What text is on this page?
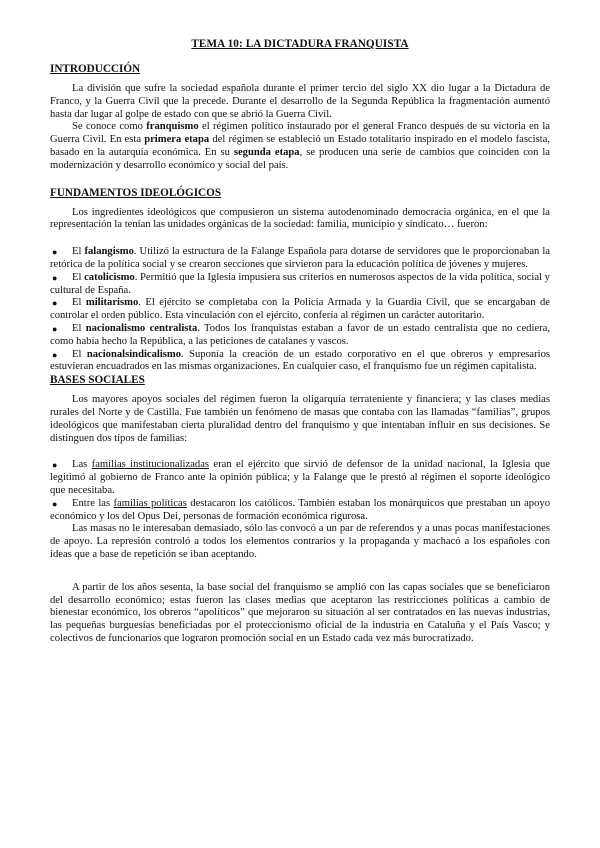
TEMA 10: LA DICTADURA FRANQUISTA
INTRODUCCIÓN

La división que sufre la sociedad española durante el primer tercio del siglo XX dio lugar a la Dictadura de Franco, y la Guerra Civil que la precede. Durante el desarrollo de la Segunda República la fragmentación aumentó hasta dar lugar al golpe de estado con que se abrió la Guerra Civil.

Se conoce como franquismo el régimen político instaurado por el general Franco después de su victoria en la Guerra Civil. En esta primera etapa del régimen se estableció un Estado totalitario inspirado en el modelo fascista, basado en la autarquía económica. En su segunda etapa, se producen una serie de cambios que coinciden con la modernización y desarrollo económico y social del país.

FUNDAMENTOS IDEOLÓGICOS

Los ingredientes ideológicos que compusieron un sistema autodenominado democracia orgánica, en el que la representación la tenían las unidades orgánicas de la sociedad: familia, municipio y sindicato… fueron:

● El falangismo. Utilizó la estructura de la Falange Española para dotarse de servidores que le proporcionaban la retórica de la política social y se crearon secciones que sirvieron para la educación política de jóvenes y mujeres.
● El catolicismo. Permitió que la Iglesia impusiera sus criterios en numerosos aspectos de la vida política, social y cultural de España.
● El militarismo. El ejército se completaba con la Policía Armada y la Guardia Civil, que se encargaban de controlar el orden público. Esta vinculación con el ejército, confería al régimen un carácter autoritario.
● El nacionalismo centralista. Todos los franquistas estaban a favor de un estado centralista que no cediera, como había hecho la República, a las peticiones de catalanes y vascos.
● El nacionalsindicalismo. Suponía la creación de un estado corporativo en el que obreros y empresarios estuvieran encuadrados en las mismas organizaciones. En cualquier caso, el franquismo fue un régimen capitalista.
BASES SOCIALES

Los mayores apoyos sociales del régimen fueron la oligarquía terrateniente y financiera; y las clases medias rurales del Norte y de Castilla. Fue también un fenómeno de masas que contaba con las llamadas “familias”, grupos ideológicos que manifestaban cierta pluralidad dentro del franquismo y que intentaban influir en sus decisiones. Se distinguen dos tipos de familias:

● Las familias institucionalizadas eran el ejército que sirvió de defensor de la unidad nacional, la Iglesia que legitimó al gobierno de Franco ante la opinión pública; y la Falange que le prestó al régimen el soporte ideológico que necesitaba.
● Entre las familias políticas destacaron los católicos. También estaban los monárquicos que prestaban un apoyo económico y los del Opus Dei, personas de formación económica rigurosa.

Las masas no le interesaban demasiado, sólo las convocó a un par de referendos y a unas pocas manifestaciones de apoyo. La represión controló a todos los elementos contrarios y la propaganda y machacó a los españoles con ideas que a base de repetición se iban aceptando.

A partir de los años sesenta, la base social del franquismo se amplió con las capas sociales que se beneficiaron del desarrollo económico; estas fueron las clases medias que aceptaron las restricciones políticas a cambio de bienestar económico, los obreros “apolíticos” que mejoraron su situación al ser contratados en las nuevas industrias, las pequeñas burguesías beneficiadas por el proteccionismo oficial de la industria en Cataluña y el País Vasco; y colectivos de funcionarios que lograron promoción social en un Estado cada vez más burocratizado.
